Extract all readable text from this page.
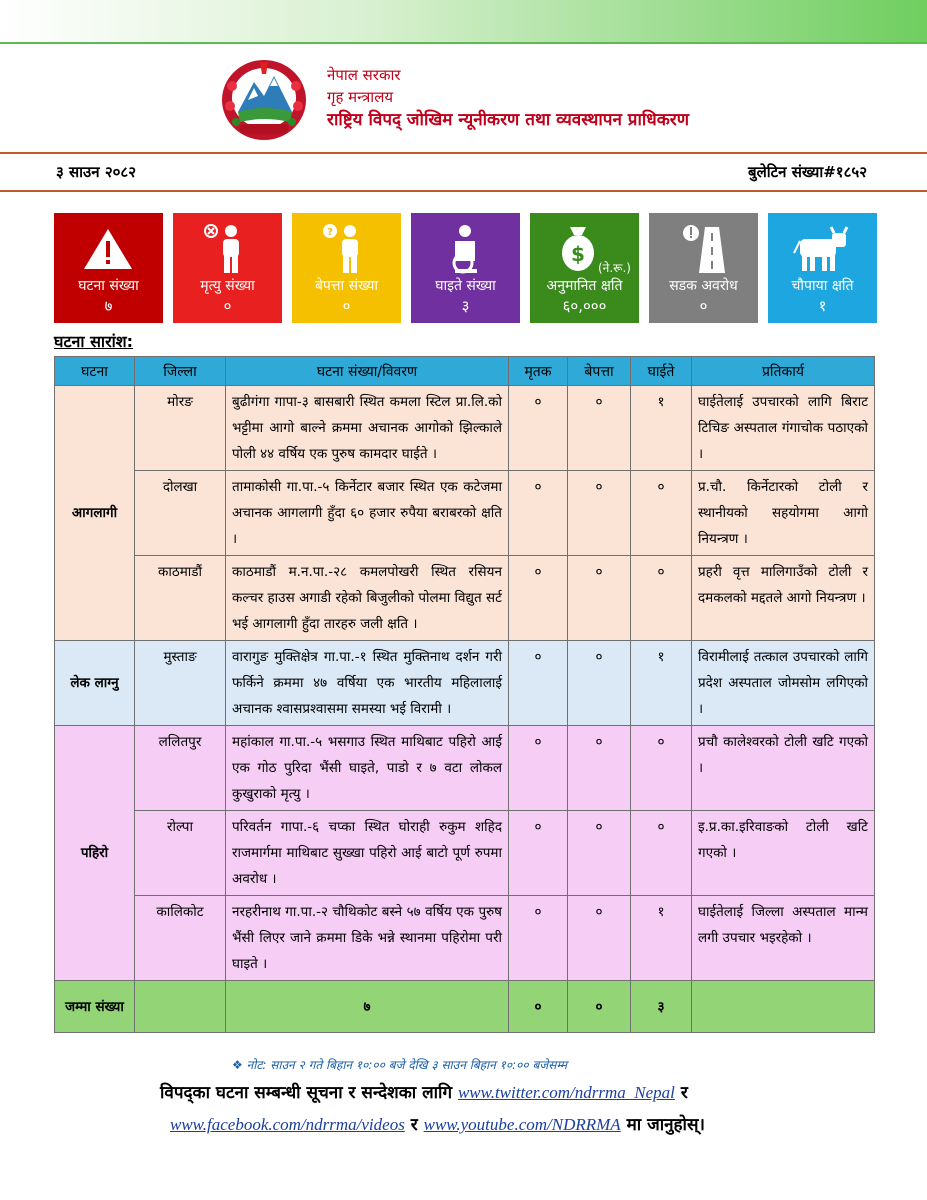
नेपाल सरकार
गृह मन्त्रालय
राष्ट्रिय विपद् जोखिम न्यूनीकरण तथा व्यवस्थापन प्राधिकरण
३ साउन २०८२	बुलेटिन संख्या#१८५२
घटना संख्या
७
मृत्यु संख्या
०
?
बेपत्ता संख्या
०
घाइते संख्या
३
$
(ने.रू.)
अनुमानित क्षति
६०,०००
सडक अवरोध
०
चौपाया क्षति
१
घटना सारांश:
घटना	जिल्ला	घटना संख्या/विवरण	मृतक	बेपत्ता	घाईते	प्रतिकार्य
आगलागी	मोरङ	बुढीगंगा गापा-३ बासबारी स्थित कमला स्टिल प्रा.लि.को भट्टीमा आगो बाल्ने क्रममा अचानक आगोको झिल्काले पोली ४४ वर्षिय एक पुरुष कामदार घाईते ।	०	०	१	घाईतेलाई उपचारको लागि बिराट टिचिङ अस्पताल गंगाचोक पठाएको ।
	दोलखा	तामाकोसी गा.पा.-५ किर्नेटार बजार स्थित एक कटेजमा अचानक आगलागी हुँदा ६० हजार रुपैया बराबरको क्षति ।	०	०	०	प्र.चौ. किर्नेटारको टोली र स्थानीयको सहयोगमा आगो नियन्त्रण ।
	काठमाडौं	काठमाडौं म.न.पा.-२८ कमलपोखरी स्थित रसियन कल्चर हाउस अगाडी रहेको बिजुलीको पोलमा विद्युत सर्ट भई आगलागी हुँदा तारहरु जली क्षति ।	०	०	०	प्रहरी वृत्त मालिगाउँको टोली र दमकलको मद्दतले आगो नियन्त्रण ।
लेक लाग्नु	मुस्ताङ	वारागुङ मुक्तिक्षेत्र गा.पा.-१ स्थित मुक्तिनाथ दर्शन गरी फर्किने क्रममा ४७ वर्षिया एक भारतीय महिलालाई अचानक श्वासप्रश्वासमा समस्या भई विरामी ।	०	०	१	विरामीलाई तत्काल उपचारको लागि प्रदेश अस्पताल जोमसोम लगिएको ।
पहिरो	ललितपुर	महांकाल गा.पा.-५ भसगाउ स्थित माथिबाट पहिरो आई एक गोठ पुरिदा भैंसी घाइते, पाडो र ७ वटा लोकल कुखुराको मृत्यु ।	०	०	०	प्रचौ कालेश्वरको टोली खटि गएको ।
	रोल्पा	परिवर्तन गापा.-६ चप्का स्थित घोराही रुकुम शहिद राजमार्गमा माथिबाट सुख्खा पहिरो आई बाटो पूर्ण रुपमा अवरोध ।	०	०	०	इ.प्र.का.इरिवाङको टोली खटि गएको ।
	कालिकोट	नरहरीनाथ गा.पा.-२ चौथिकोट बस्ने ५७ वर्षिय एक पुरुष भैंसी लिएर जाने क्रममा डिके भन्ने स्थानमा पहिरोमा परी घाइते ।	०	०	१	घाईतेलाई जिल्ला अस्पताल मान्म लगी उपचार भइरहेको ।
जम्मा संख्या		७	०	०	३	
❖ नोट: साउन २ गते बिहान १०:०० बजे देखि ३ साउन बिहान १०:०० बजेसम्म
विपद्का घटना सम्बन्धी सूचना र सन्देशका लागि www.twitter.com/ndrrma_Nepal र
www.facebook.com/ndrrma/videos र www.youtube.com/NDRRMA मा जानुहोस्।
